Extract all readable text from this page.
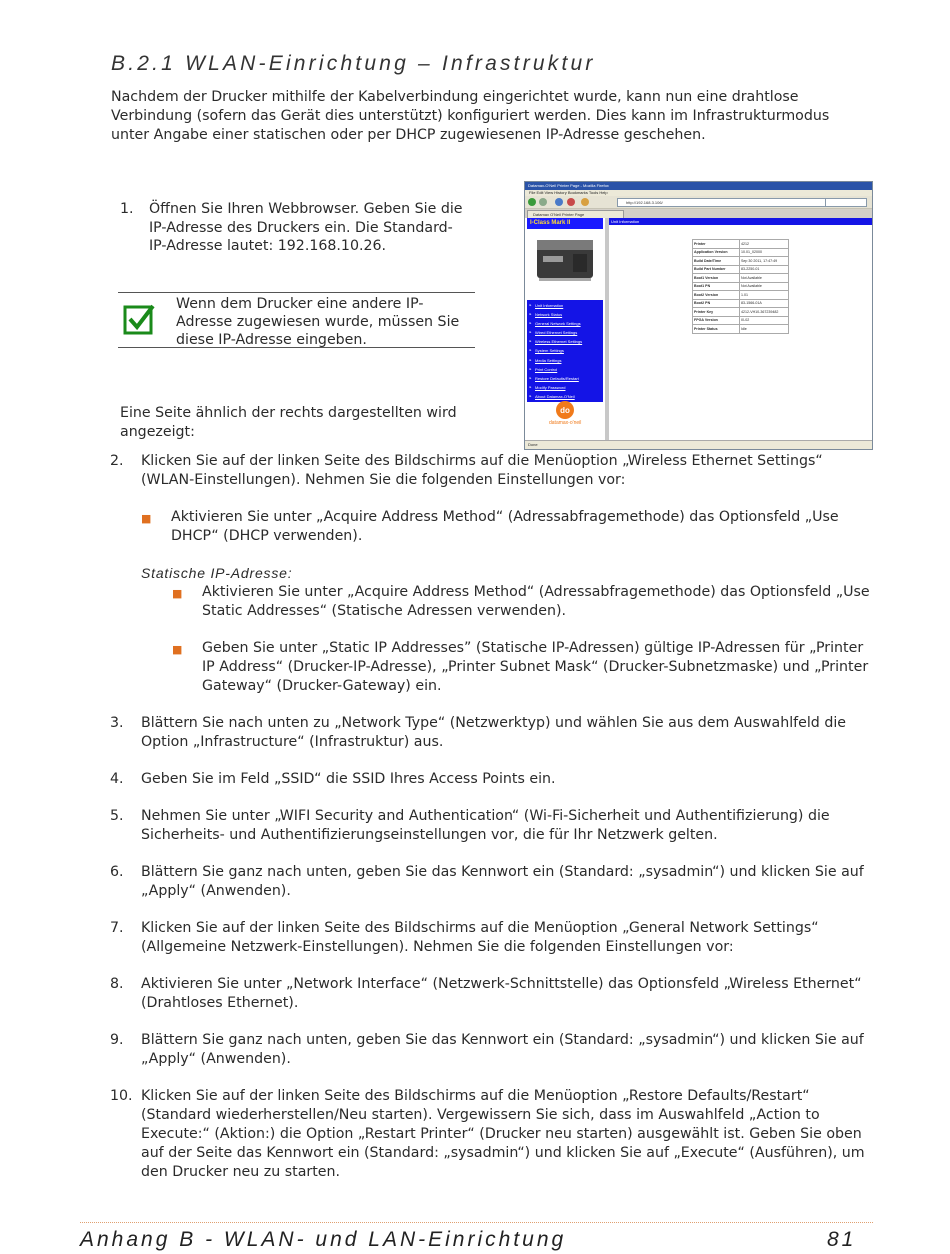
B.2.1 WLAN-Einrichtung – Infrastruktur

Nachdem der Drucker mithilfe der Kabelverbindung eingerichtet wurde, kann nun eine drahtlose Verbindung (sofern das Gerät dies unterstützt) konfiguriert werden. Dies kann im Infrastrukturmodus unter Angabe einer statischen oder per DHCP zugewiesenen IP-Adresse geschehen.

1. Öffnen Sie Ihren Webbrowser. Geben Sie die IP-Adresse des Druckers ein. Die Standard-IP-Adresse lautet: 192.168.10.26.
Wenn dem Drucker eine andere IP-Adresse zugewiesen wurde, müssen Sie diese IP-Adresse eingeben.
Eine Seite ähnlich der rechts dargestellten wird angezeigt:
Datamax-O'Neil Printer Page - Mozilla Firefox
File Edit View History Bookmarks Tools Help
http://192.168.3.106/
Datamax O'Neil Printer Page
I-Class Mark II
► Unit Information
► Network Status
► General Network Settings
► Wired Ethernet Settings
► Wireless Ethernet Settings
► System Settings
► Media Settings
► Print Control
► Restore Defaults/Restart
► Modify Password
► About Datamax-O'Neil
do
datamax-o'neil
Unit Information
Printer	4212
Application Version	10.01_02000
Build Date/Time	Sep 30 2011, 17:47:49
Build Part Number	83-2250-01
Boot1 Version	Not Available
Boot1 PN	Not Available
Boot2 Version	1.01
Boot2 PN	83-1566-01A
Printer Key	4212-VH10-367239482
FPGA Version	I0-02
Printer Status	Idle
Done
2. Klicken Sie auf der linken Seite des Bildschirms auf die Menüoption „Wireless Ethernet Settings“ (WLAN-Einstellungen). Nehmen Sie die folgenden Einstellungen vor:
■ Aktivieren Sie unter „Acquire Address Method“ (Adressabfragemethode) das Optionsfeld „Use DHCP“ (DHCP verwenden).
Statische IP-Adresse:
■ Aktivieren Sie unter „Acquire Address Method“ (Adressabfragemethode) das Optionsfeld „Use Static Addresses“ (Statische Adressen verwenden).
■ Geben Sie unter „Static IP Addresses” (Statische IP-Adressen) gültige IP-Adressen für „Printer IP Address“ (Drucker-IP-Adresse), „Printer Subnet Mask“ (Drucker-Subnetzmaske) und „Printer Gateway“ (Drucker-Gateway) ein.
3. Blättern Sie nach unten zu „Network Type“ (Netzwerktyp) und wählen Sie aus dem Auswahlfeld die Option „Infrastructure“ (Infrastruktur) aus.
4. Geben Sie im Feld „SSID“ die SSID Ihres Access Points ein.
5. Nehmen Sie unter „WIFI Security and Authentication“ (Wi-Fi-Sicherheit und Authentifizierung) die Sicherheits- und Authentifizierungseinstellungen vor, die für Ihr Netzwerk gelten.
6. Blättern Sie ganz nach unten, geben Sie das Kennwort ein (Standard: „sysadmin“) und klicken Sie auf „Apply“ (Anwenden).
7. Klicken Sie auf der linken Seite des Bildschirms auf die Menüoption „General Network Settings“ (Allgemeine Netzwerk-Einstellungen). Nehmen Sie die folgenden Einstellungen vor:
8. Aktivieren Sie unter „Network Interface“ (Netzwerk-Schnittstelle) das Optionsfeld „Wireless Ethernet“ (Drahtloses Ethernet).
9. Blättern Sie ganz nach unten, geben Sie das Kennwort ein (Standard: „sysadmin“) und klicken Sie auf „Apply“ (Anwenden).
10. Klicken Sie auf der linken Seite des Bildschirms auf die Menüoption „Restore Defaults/Restart“ (Standard wiederherstellen/Neu starten). Vergewissern Sie sich, dass im Auswahlfeld „Action to Execute:“ (Aktion:) die Option „Restart Printer“ (Drucker neu starten) ausgewählt ist. Geben Sie oben auf der Seite das Kennwort ein (Standard: „sysadmin“) und klicken Sie auf „Execute“ (Ausführen), um den Drucker neu zu starten.
Anhang B - WLAN- und LAN-Einrichtung	81
